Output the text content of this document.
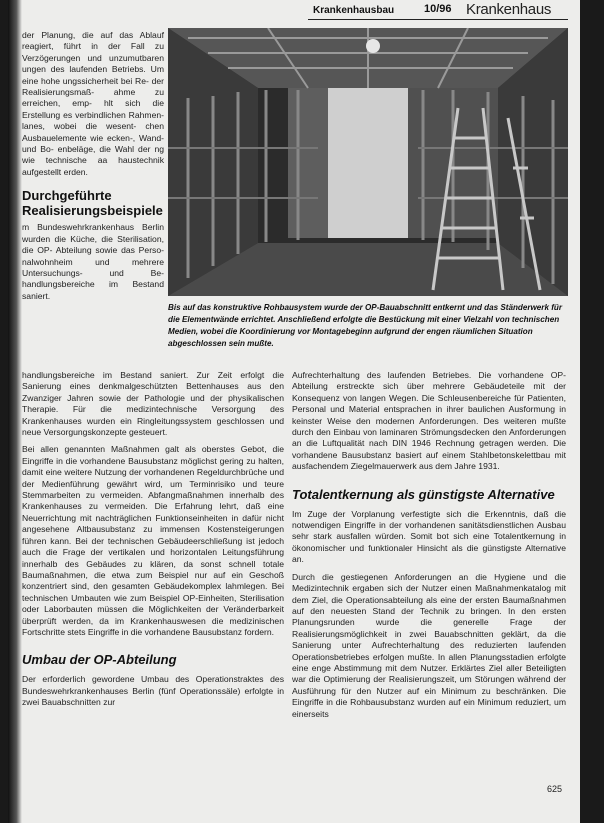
Krankenhausbau	10/96 Krankenhaus

der Planung, die auf das Ablauf reagiert, führt in der Fall zu Verzögerungen und unzumutbaren ungen des laufenden Betriebs. Um eine hohe ungssicherheit bei Re- der Realisierungsmaß- ahme zu erreichen, emp- hlt sich die Erstellung es verbindlichen Rahmen- lanes, wobei die wesent- chen Ausbauelemente wie ecken-, Wand- und Bo- enbeläge, die Wahl der ng wie technische aa haustechnik aufgestellt erden.

Durchgeführte Realisierungsbeispiele

m Bundeswehrkrankenhaus Berlin wurden die Küche, die Sterilisation, die OP- Abteilung sowie das Perso- nalwohnheim und mehrere Untersuchungs- und Be- handlungsbereiche im Bestand saniert.

Bis auf das konstruktive Rohbausystem wurde der OP-Bauabschnitt entkernt und das Ständerwerk für die Elementwände errichtet. Anschließend erfolgte die Bestückung mit einer Vielzahl von technischen Medien, wobei die Koordinierung vor Montagebeginn aufgrund der engen räumlichen Situation abgeschlossen sein mußte.

handlungsbereiche im Bestand saniert. Zur Zeit erfolgt die Sanierung eines denkmalgeschützten Bettenhauses aus den Zwanziger Jahren sowie der Pathologie und der physikalischen Therapie. Für die medizintechnische Versorgung des Krankenhauses wurden ein Ringleitungssystem geschlossen und neue Versorgungskonzepte gesteuert.

Bei allen genannten Maßnahmen galt als oberstes Gebot, die Eingriffe in die vorhandene Bausubstanz möglichst gering zu halten, damit eine weitere Nutzung der vorhandenen Regeldurchbrüche und der Medienführung gewährt wird, um Terminrisiko und teure Stemmarbeiten zu vermeiden. Abfangmaßnahmen innerhalb des Krankenhauses zu vermeiden. Die Erfahrung lehrt, daß eine Neuerrichtung mit nachträglichen Funktionseinheiten in dafür nicht angesehene Altbausubstanz zu immensen Kostensteigerungen führen kann. Bei der technischen Gebäudeerschließung ist jedoch auch die Frage der vertikalen und horizontalen Leitungsführung innerhalb des Gebäudes zu klären, da sonst schnell totale Baumaßnahmen, die etwa zum Beispiel nur auf ein Geschoß konzentriert sind, den gesamten Gebäudekomplex lahmlegen. Bei technischen Umbauten wie zum Beispiel OP-Einheiten, Sterilisation oder Laborbauten müssen die Möglichkeiten der Veränderbarkeit überprüft werden, da im Krankenhauswesen die medizinischen Fortschritte stets Eingriffe in die vorhandene Bausubstanz fordern.

Umbau der OP-Abteilung

Der erforderlich gewordene Umbau des Operationstraktes des Bundeswehrkrankenhauses Berlin (fünf Operationssäle) erfolgte in zwei Bauabschnitten zur

Aufrechterhaltung des laufenden Betriebes. Die vorhandene OP-Abteilung erstreckte sich über mehrere Gebäudeteile mit der Konsequenz von langen Wegen. Die Schleusenbereiche für Patienten, Personal und Material entsprachen in ihrer baulichen Ausformung in keinster Weise den modernen Anforderungen. Des weiteren mußte durch den Einbau von laminaren Strömungsdecken den Anforderungen an die Luftqualität nach DIN 1946 Rechnung getragen werden. Die vorhandene Bausubstanz basiert auf einem Stahlbetonskelettbau mit ausfachendem Ziegelmauerwerk aus dem Jahre 1931.

Totalentkernung als günstigste Alternative

Im Zuge der Vorplanung verfestigte sich die Erkenntnis, daß die notwendigen Eingriffe in der vorhandenen sanitätsdienstlichen Ausbau sehr stark ausfallen würden. Somit bot sich eine Totalentkernung in ökonomischer und funktionaler Hinsicht als die günstigste Alternative an.

Durch die gestiegenen Anforderungen an die Hygiene und die Medizintechnik ergaben sich der Nutzer einen Maßnahmenkatalog mit dem Ziel, die Operationsabteilung als eine der ersten Baumaßnahmen auf den neuesten Stand der Technik zu bringen. In den ersten Planungsrunden wurde die generelle Frage der Realisierungsmöglichkeit in zwei Bauabschnitten geklärt, da die Sanierung unter Aufrechterhaltung des reduzierten laufenden Operationsbetriebes erfolgen mußte. In allen Planungsstadien erfolgte eine enge Abstimmung mit dem Nutzer. Erklärtes Ziel aller Beteiligten war die Optimierung der Realisierungszeit, um Störungen während der Ausführung für den Nutzer auf ein Minimum zu beschränken. Die Eingriffe in die Rohbausubstanz wurden auf ein Minimum reduziert, um einerseits

625
